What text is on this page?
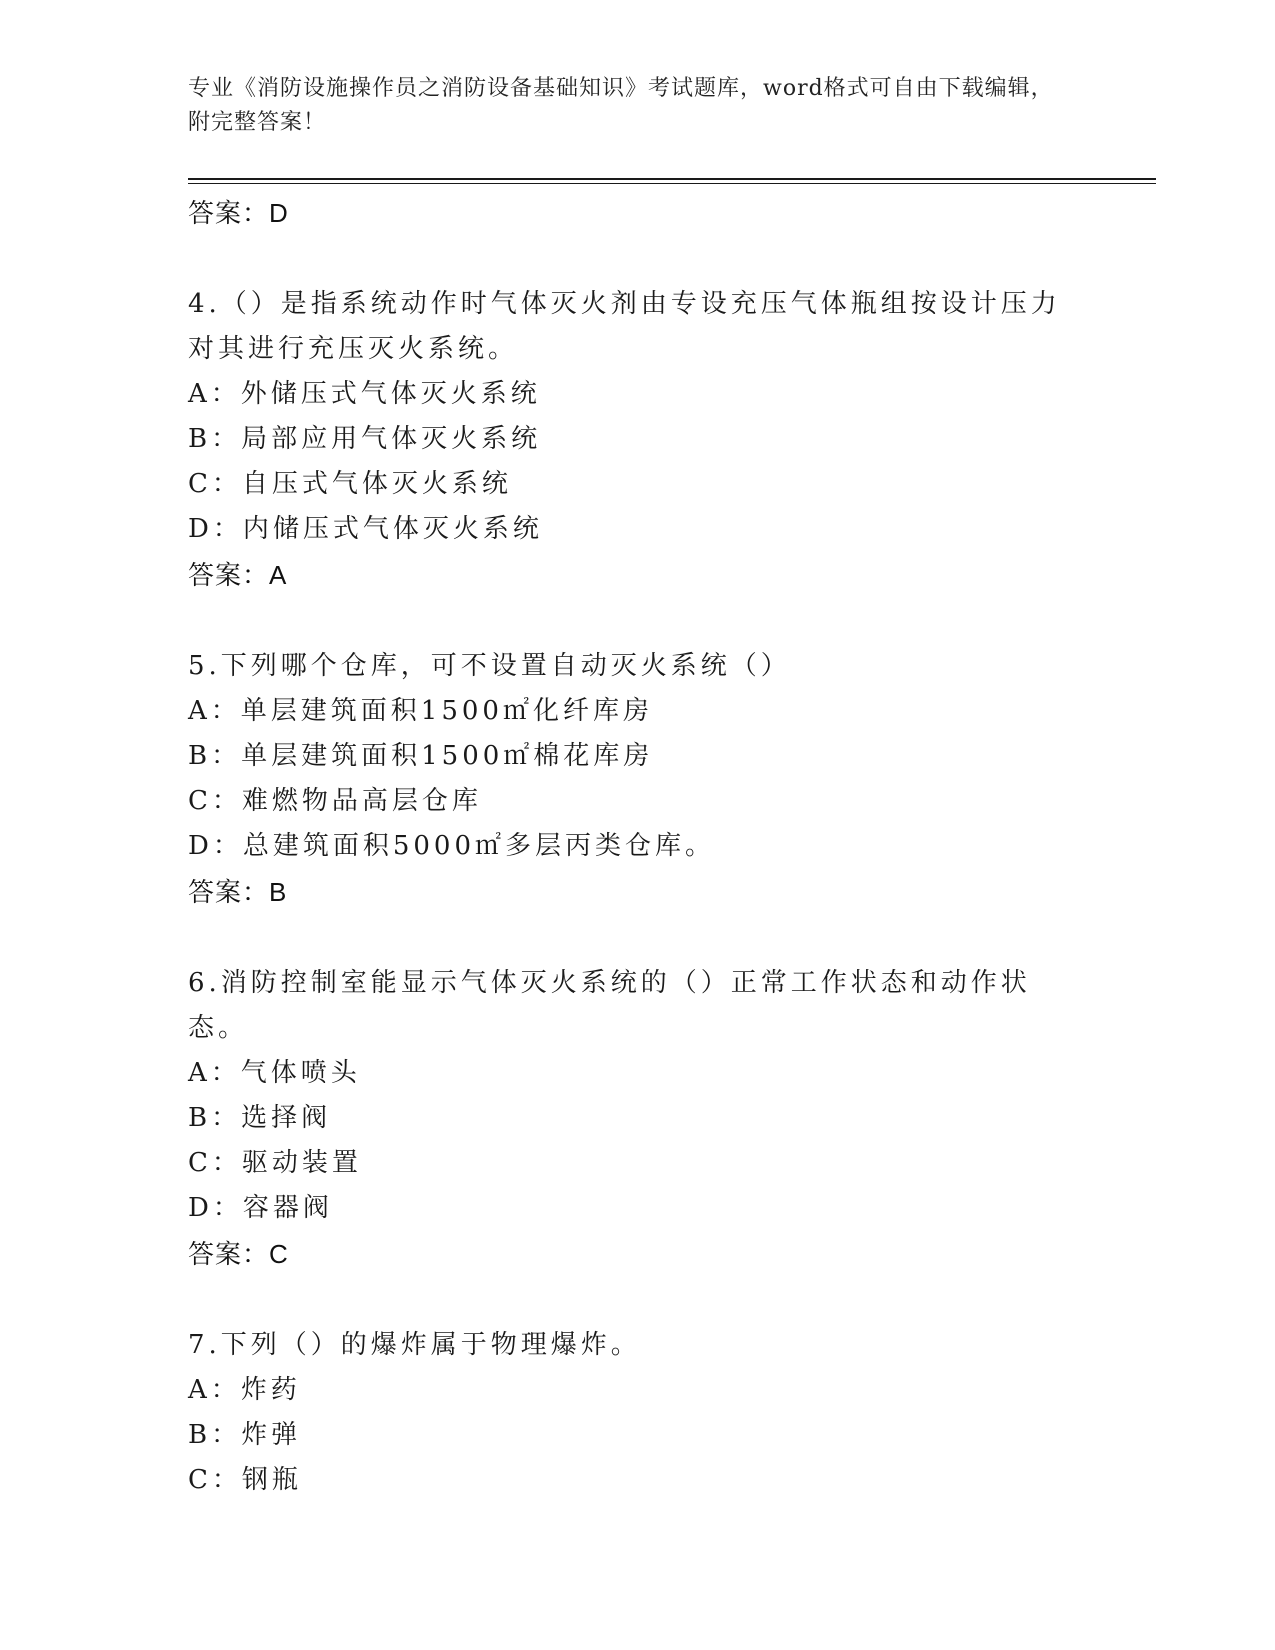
专业《消防设施操作员之消防设备基础知识》考试题库，word格式可自由下载编辑，附完整答案！
答案：D
4.（）是指系统动作时气体灭火剂由专设充压气体瓶组按设计压力对其进行充压灭火系统。
A：外储压式气体灭火系统
B：局部应用气体灭火系统
C：自压式气体灭火系统
D：内储压式气体灭火系统
答案：A
5.下列哪个仓库，可不设置自动灭火系统（）
A：单层建筑面积1500㎡化纤库房
B：单层建筑面积1500㎡棉花库房
C：难燃物品高层仓库
D：总建筑面积5000㎡多层丙类仓库。
答案：B
6.消防控制室能显示气体灭火系统的（）正常工作状态和动作状态。
A：气体喷头
B：选择阀
C：驱动装置
D：容器阀
答案：C
7.下列（）的爆炸属于物理爆炸。
A：炸药
B：炸弹
C：钢瓶
